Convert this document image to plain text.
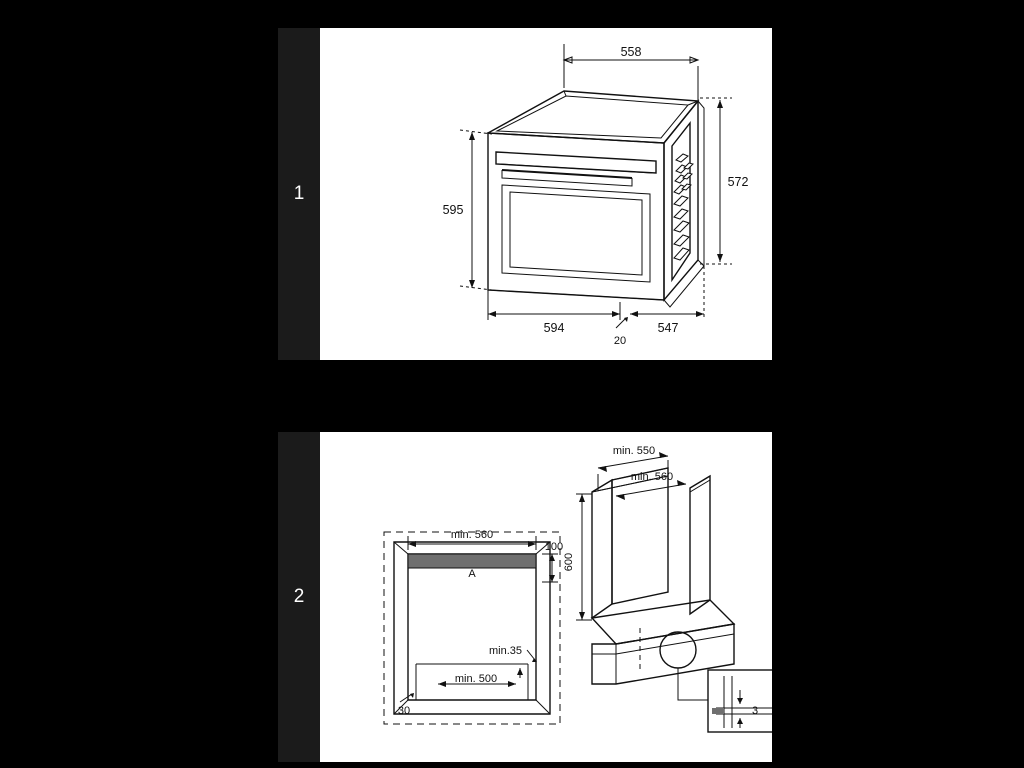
1
558
595
572
594	547
20
2
min. 560
A
100
min.35
min. 500
30
min. 550
min. 560
600
3
